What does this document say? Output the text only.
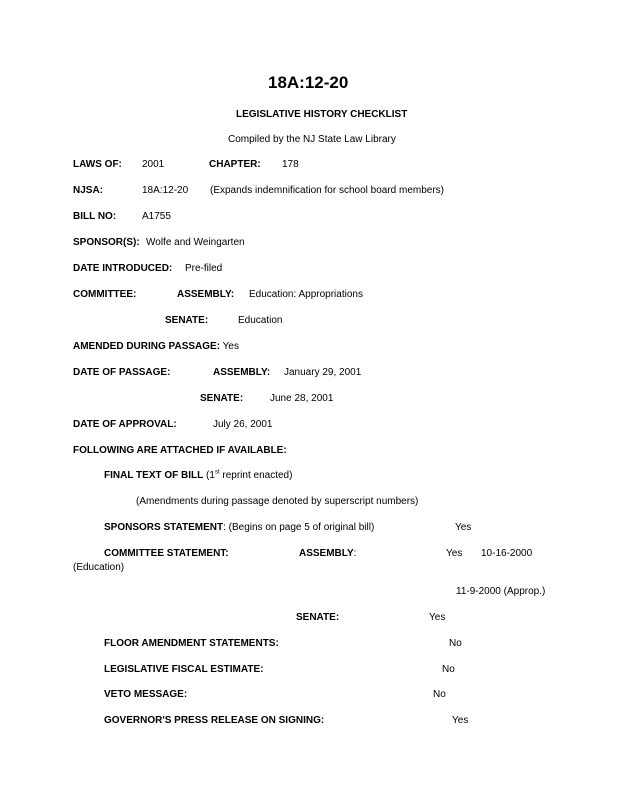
18A:12-20
LEGISLATIVE HISTORY CHECKLIST
Compiled by the NJ State Law Library
LAWS OF: 2001	CHAPTER: 178
NJSA:	18A:12-20 (Expands indemnification for school board members)
BILL NO:	A1755
SPONSOR(S): Wolfe and Weingarten
DATE INTRODUCED: Pre-filed
COMMITTEE:	ASSEMBLY: Education: Appropriations
SENATE:	Education
AMENDED DURING PASSAGE: Yes
DATE OF PASSAGE:	ASSEMBLY: January 29, 2001
SENATE:	June 28, 2001
DATE OF APPROVAL:	July 26, 2001
FOLLOWING ARE ATTACHED IF AVAILABLE:
FINAL TEXT OF BILL (1st reprint enacted)
(Amendments during passage denoted by superscript numbers)
SPONSORS STATEMENT: (Begins on page 5 of original bill)	Yes
COMMITTEE STATEMENT:	ASSEMBLY:	Yes 10-16-2000
(Education)
11-9-2000 (Approp.)
SENATE:	Yes
FLOOR AMENDMENT STATEMENTS:	No
LEGISLATIVE FISCAL ESTIMATE:	No
VETO MESSAGE:	No
GOVERNOR'S PRESS RELEASE ON SIGNING:	Yes
